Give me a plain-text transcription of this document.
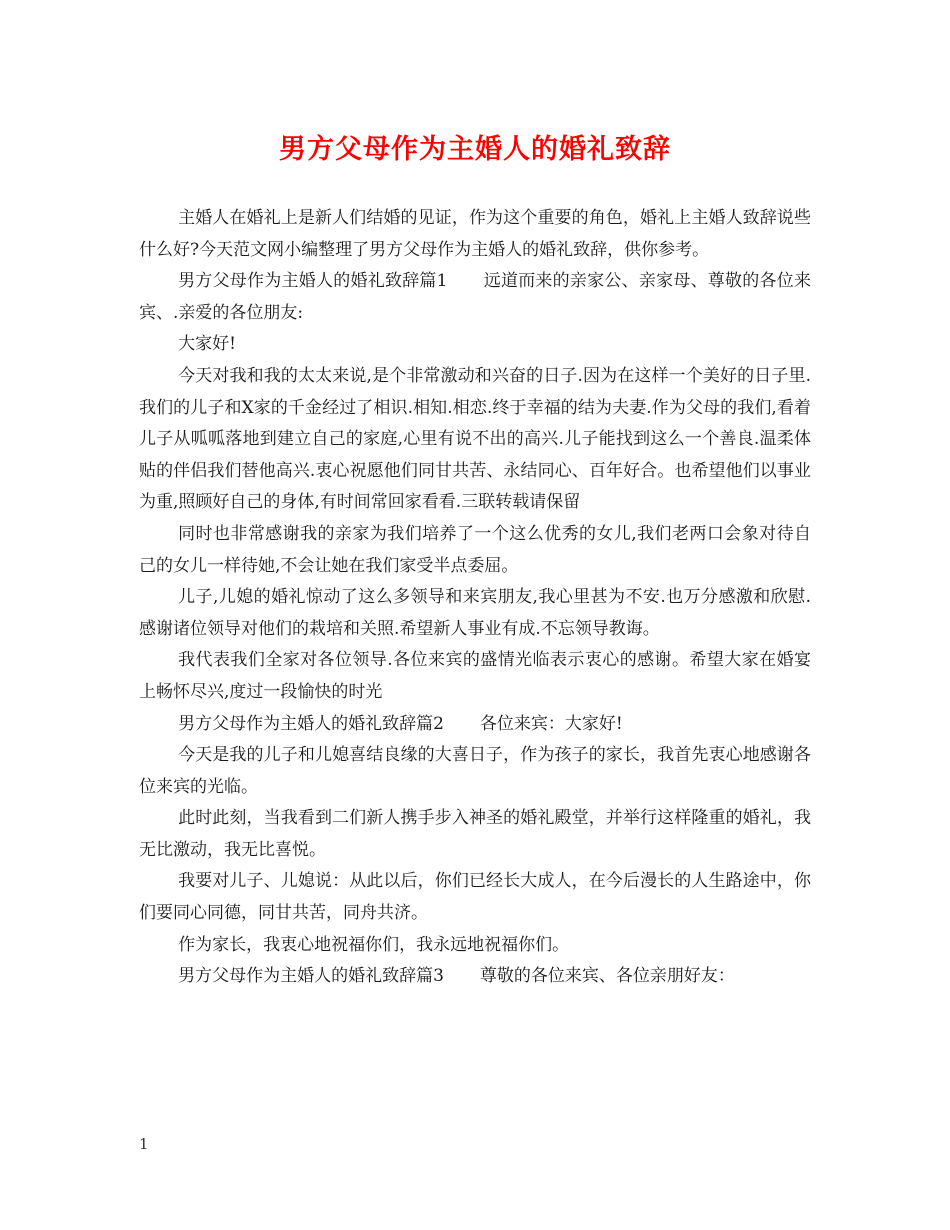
男方父母作为主婚人的婚礼致辞

主婚人在婚礼上是新人们结婚的见证，作为这个重要的角色，婚礼上主婚人致辞说些什么好?今天范文网小编整理了男方父母作为主婚人的婚礼致辞，供你参考。

男方父母作为主婚人的婚礼致辞篇1 远道而来的亲家公、亲家母、尊敬的各位来宾、.亲爱的各位朋友:

大家好!

今天对我和我的太太来说,是个非常激动和兴奋的日子.因为在这样一个美好的日子里.我们的儿子和X家的千金经过了相识.相知.相恋.终于幸福的结为夫妻.作为父母的我们,看着儿子从呱呱落地到建立自己的家庭,心里有说不出的高兴.儿子能找到这么一个善良.温柔体贴的伴侣我们替他高兴.衷心祝愿他们同甘共苦、永结同心、百年好合。也希望他们以事业为重,照顾好自己的身体,有时间常回家看看.三联转载请保留

同时也非常感谢我的亲家为我们培养了一个这么优秀的女儿,我们老两口会象对待自己的女儿一样待她,不会让她在我们家受半点委屈。

儿子,儿媳的婚礼惊动了这么多领导和来宾朋友,我心里甚为不安.也万分感激和欣慰.感谢诸位领导对他们的栽培和关照.希望新人事业有成.不忘领导教诲。

我代表我们全家对各位领导.各位来宾的盛情光临表示衷心的感谢。希望大家在婚宴上畅怀尽兴,度过一段愉快的时光

男方父母作为主婚人的婚礼致辞篇2 各位来宾：大家好!

今天是我的儿子和儿媳喜结良缘的大喜日子，作为孩子的家长，我首先衷心地感谢各位来宾的光临。

此时此刻，当我看到二们新人携手步入神圣的婚礼殿堂，并举行这样隆重的婚礼，我无比激动，我无比喜悦。

我要对儿子、儿媳说：从此以后，你们已经长大成人，在今后漫长的人生路途中，你们要同心同德，同甘共苦，同舟共济。

作为家长，我衷心地祝福你们，我永远地祝福你们。

男方父母作为主婚人的婚礼致辞篇3 尊敬的各位来宾、各位亲朋好友：

1
